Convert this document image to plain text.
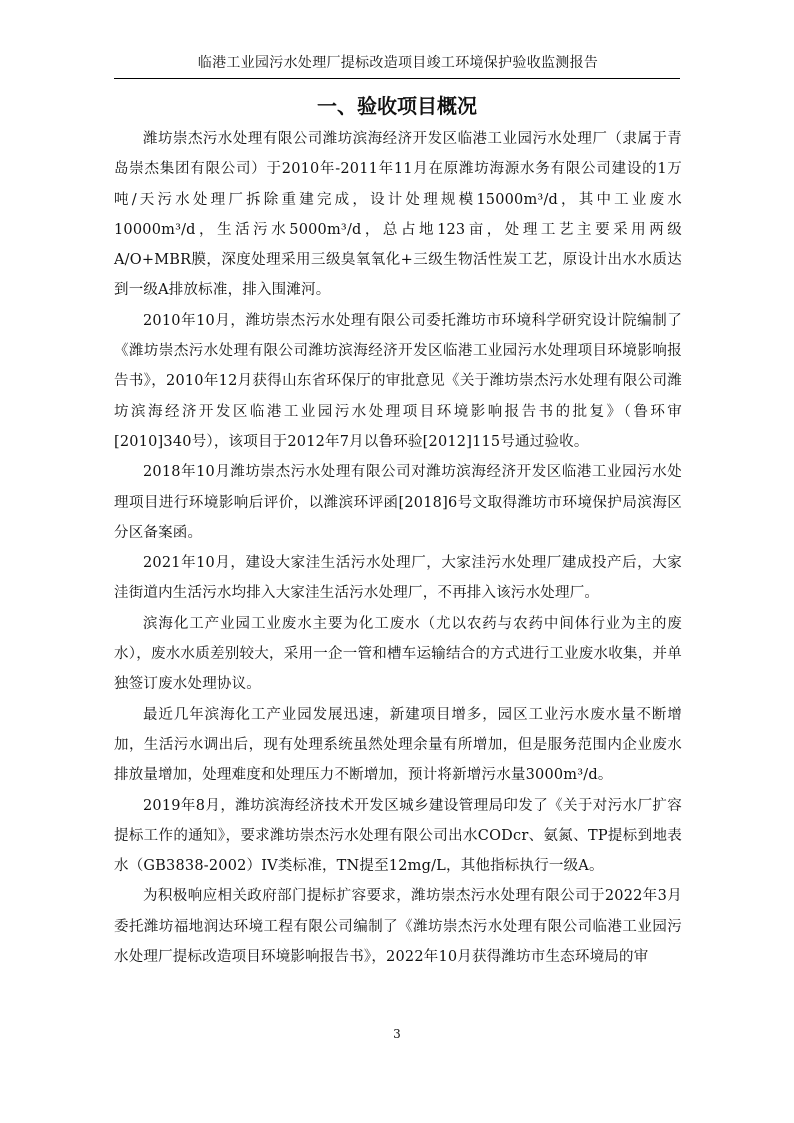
临港工业园污水处理厂提标改造项目竣工环境保护验收监测报告
一、验收项目概况

潍坊崇杰污水处理有限公司潍坊滨海经济开发区临港工业园污水处理厂（隶属于青岛崇杰集团有限公司）于2010年-2011年11月在原潍坊海源水务有限公司建设的1万吨/天污水处理厂拆除重建完成，设计处理规模15000m³/d，其中工业废水10000m³/d，生活污水5000m³/d，总占地123亩，处理工艺主要采用两级A/O+MBR膜，深度处理采用三级臭氧氧化+三级生物活性炭工艺，原设计出水水质达到一级A排放标准，排入围滩河。

2010年10月，潍坊崇杰污水处理有限公司委托潍坊市环境科学研究设计院编制了《潍坊崇杰污水处理有限公司潍坊滨海经济开发区临港工业园污水处理项目环境影响报告书》，2010年12月获得山东省环保厅的审批意见《关于潍坊崇杰污水处理有限公司潍坊滨海经济开发区临港工业园污水处理项目环境影响报告书的批复》（鲁环审[2010]340号），该项目于2012年7月以鲁环验[2012]115号通过验收。

2018年10月潍坊崇杰污水处理有限公司对潍坊滨海经济开发区临港工业园污水处理项目进行环境影响后评价，以潍滨环评函[2018]6号文取得潍坊市环境保护局滨海区分区备案函。

2021年10月，建设大家洼生活污水处理厂，大家洼污水处理厂建成投产后，大家洼街道内生活污水均排入大家洼生活污水处理厂，不再排入该污水处理厂。

滨海化工产业园工业废水主要为化工废水（尤以农药与农药中间体行业为主的废水），废水水质差别较大，采用一企一管和槽车运输结合的方式进行工业废水收集，并单独签订废水处理协议。

最近几年滨海化工产业园发展迅速，新建项目增多，园区工业污水废水量不断增加，生活污水调出后，现有处理系统虽然处理余量有所增加，但是服务范围内企业废水排放量增加，处理难度和处理压力不断增加，预计将新增污水量3000m³/d。

2019年8月，潍坊滨海经济技术开发区城乡建设管理局印发了《关于对污水厂扩容提标工作的通知》，要求潍坊崇杰污水处理有限公司出水CODcr、氨氮、TP提标到地表水（GB3838-2002）IV类标准，TN提至12mg/L，其他指标执行一级A。

为积极响应相关政府部门提标扩容要求，潍坊崇杰污水处理有限公司于2022年3月委托潍坊福地润达环境工程有限公司编制了《潍坊崇杰污水处理有限公司临港工业园污水处理厂提标改造项目环境影响报告书》，2022年10月获得潍坊市生态环境局的审

3
